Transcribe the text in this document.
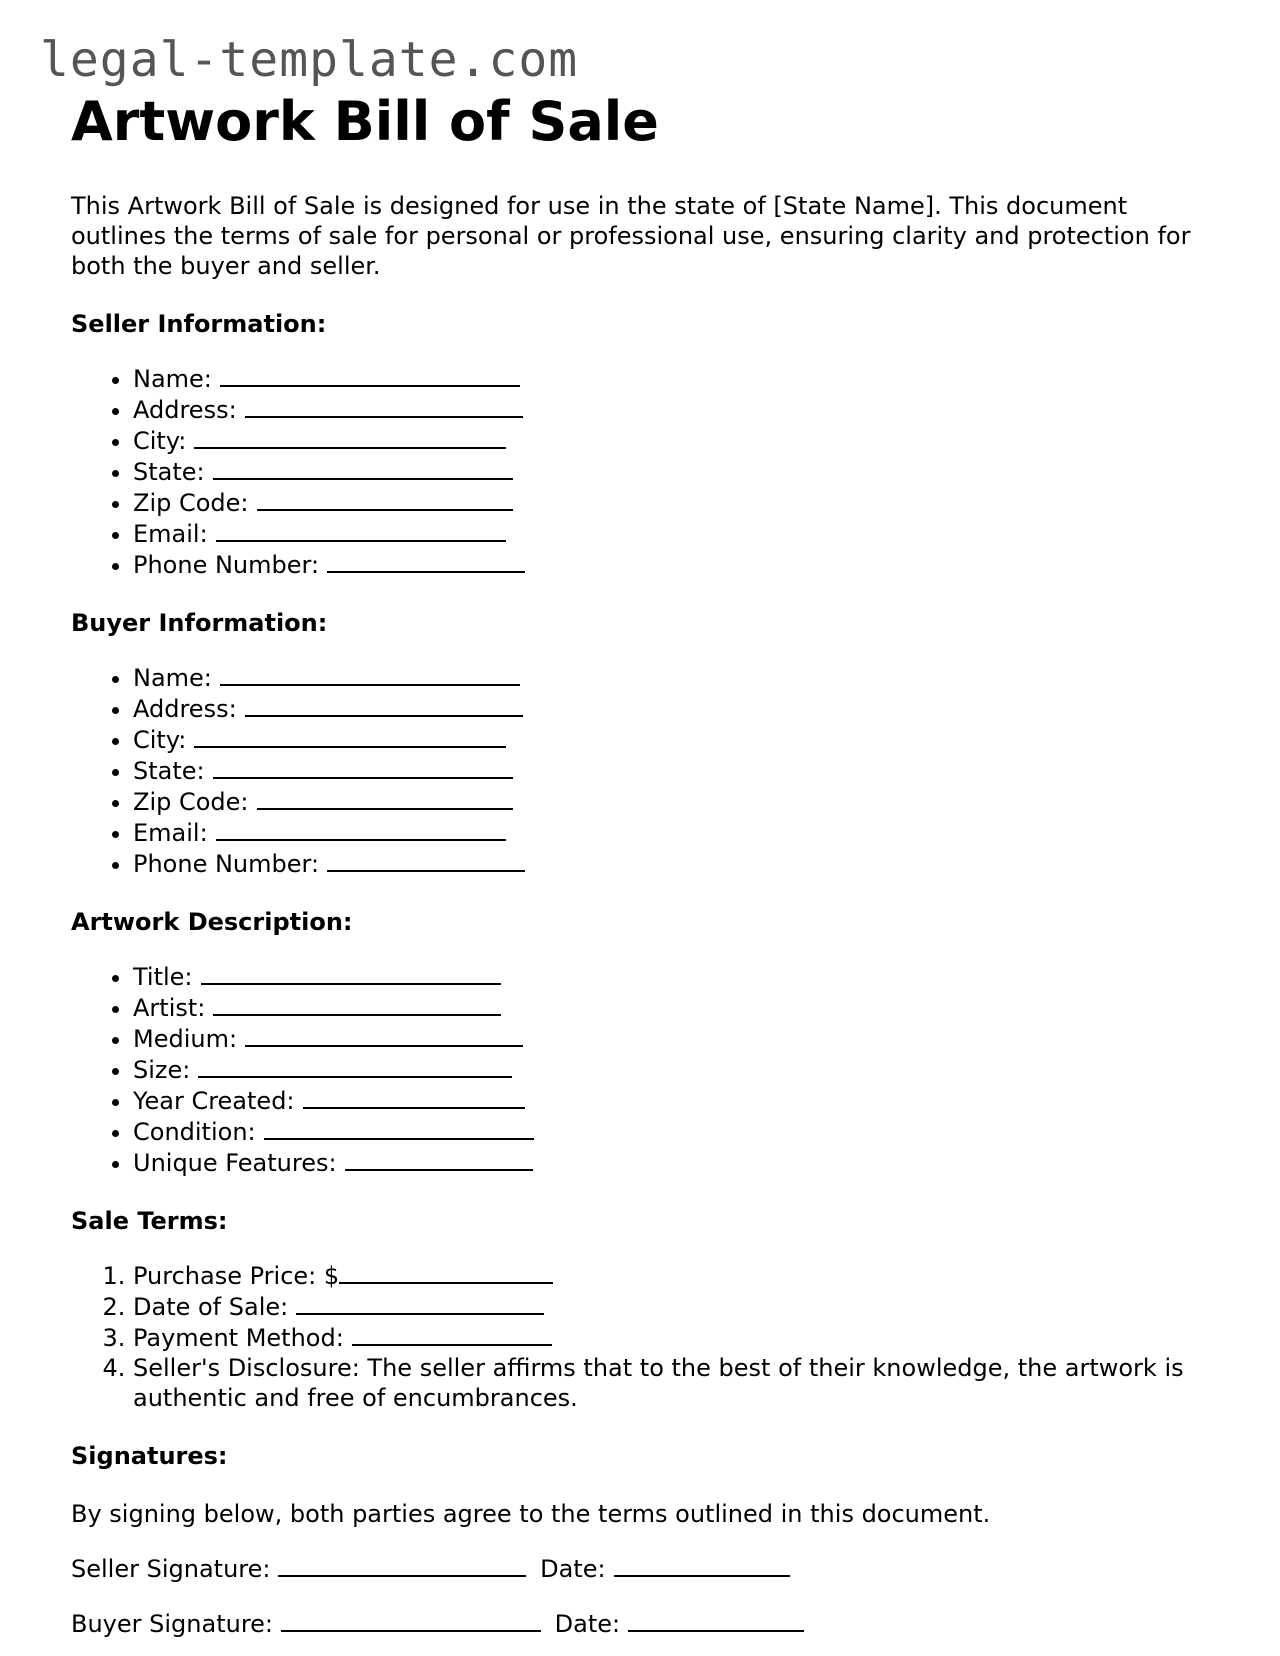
legal-template.com
Artwork Bill of Sale

This Artwork Bill of Sale is designed for use in the state of [State Name]. This document outlines the terms of sale for personal or professional use, ensuring clarity and protection for both the buyer and seller.

Seller Information:
• Name:
• Address:
• City:
• State:
• Zip Code:
• Email:
• Phone Number:
Buyer Information:
• Name:
• Address:
• City:
• State:
• Zip Code:
• Email:
• Phone Number:
Artwork Description:
• Title:
• Artist:
• Medium:
• Size:
• Year Created:
• Condition:
• Unique Features:
Sale Terms:
1. Purchase Price: $
2. Date of Sale:
3. Payment Method:
4. Seller's Disclosure: The seller affirms that to the best of their knowledge, the artwork is authentic and free of encumbrances.
Signatures:

By signing below, both parties agree to the terms outlined in this document.

Seller Signature:	Date:
Buyer Signature:	Date:
